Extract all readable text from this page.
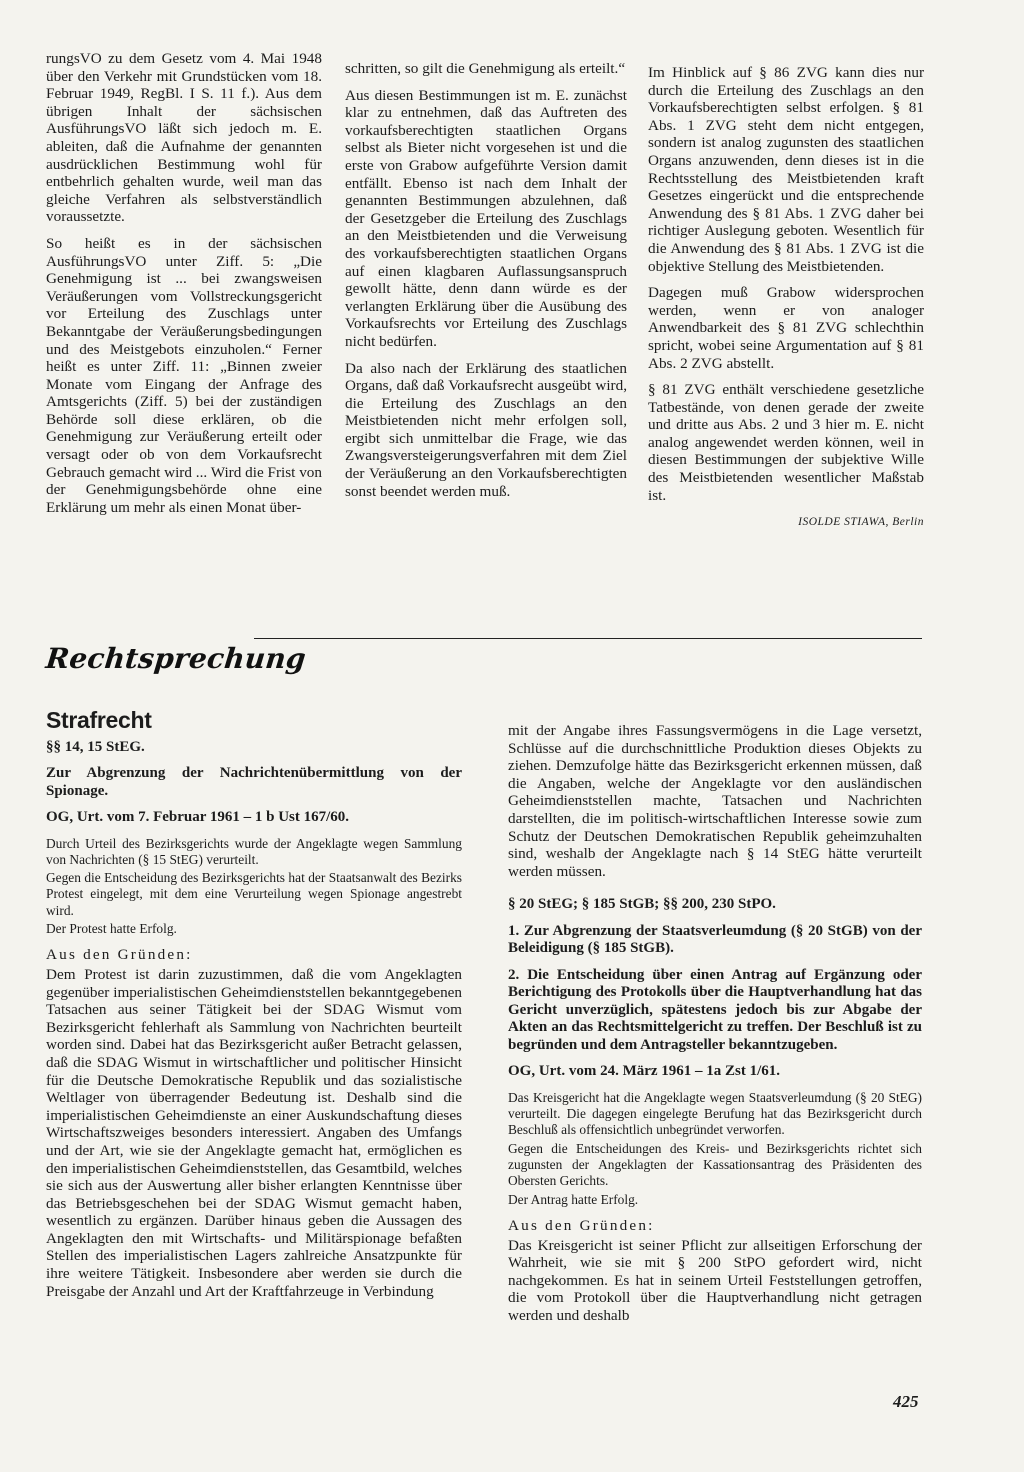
rungsVO zu dem Gesetz vom 4. Mai 1948 über den Verkehr mit Grundstücken vom 18. Februar 1949, RegBl. I S. 11 f.). Aus dem übrigen Inhalt der sächsischen AusführungsVO läßt sich jedoch m. E. ableiten, daß die Aufnahme der genannten ausdrücklichen Bestimmung wohl für entbehrlich gehalten wurde, weil man das gleiche Verfahren als selbstverständlich voraussetzte.

So heißt es in der sächsischen AusführungsVO unter Ziff. 5: „Die Genehmigung ist ... bei zwangsweisen Veräußerungen vom Vollstreckungsgericht vor Erteilung des Zuschlags unter Bekanntgabe der Veräußerungsbedingungen und des Meistgebots einzuholen.“ Ferner heißt es unter Ziff. 11: „Binnen zweier Monate vom Eingang der Anfrage des Amtsgerichts (Ziff. 5) bei der zuständigen Behörde soll diese erklären, ob die Genehmigung zur Veräußerung erteilt oder versagt oder ob von dem Vorkaufsrecht Gebrauch gemacht wird ... Wird die Frist von der Genehmigungsbehörde ohne eine Erklärung um mehr als einen Monat über-

schritten, so gilt die Genehmigung als erteilt.“

Aus diesen Bestimmungen ist m. E. zunächst klar zu entnehmen, daß das Auftreten des vorkaufsberechtigten staatlichen Organs selbst als Bieter nicht vorgesehen ist und die erste von Grabow aufgeführte Version damit entfällt. Ebenso ist nach dem Inhalt der genannten Bestimmungen abzulehnen, daß der Gesetzgeber die Erteilung des Zuschlags an den Meistbietenden und die Verweisung des vorkaufsberechtigten staatlichen Organs auf einen klagbaren Auflassungsanspruch gewollt hätte, denn dann würde es der verlangten Erklärung über die Ausübung des Vorkaufsrechts vor Erteilung des Zuschlags nicht bedürfen.

Da also nach der Erklärung des staatlichen Organs, daß daß Vorkaufsrecht ausgeübt wird, die Erteilung des Zuschlags an den Meistbietenden nicht mehr erfolgen soll, ergibt sich unmittelbar die Frage, wie das Zwangsversteigerungsverfahren mit dem Ziel der Veräußerung an den Vorkaufsberechtigten sonst beendet werden muß.

Im Hinblick auf § 86 ZVG kann dies nur durch die Erteilung des Zuschlags an den Vorkaufsberechtigten selbst erfolgen. § 81 Abs. 1 ZVG steht dem nicht entgegen, sondern ist analog zugunsten des staatlichen Organs anzuwenden, denn dieses ist in die Rechtsstellung des Meistbietenden kraft Gesetzes eingerückt und die entsprechende Anwendung des § 81 Abs. 1 ZVG daher bei richtiger Auslegung geboten. Wesentlich für die Anwendung des § 81 Abs. 1 ZVG ist die objektive Stellung des Meistbietenden.

Dagegen muß Grabow widersprochen werden, wenn er von analoger Anwendbarkeit des § 81 ZVG schlechthin spricht, wobei seine Argumentation auf § 81 Abs. 2 ZVG abstellt.

§ 81 ZVG enthält verschiedene gesetzliche Tatbestände, von denen gerade der zweite und dritte aus Abs. 2 und 3 hier m. E. nicht analog angewendet werden können, weil in diesen Bestimmungen der subjektive Wille des Meistbietenden wesentlicher Maßstab ist.

ISOLDE STIAWA, Berlin

Rechtsprechung

Strafrecht

§§ 14, 15 StEG.

Zur Abgrenzung der Nachrichtenübermittlung von der Spionage.

OG, Urt. vom 7. Februar 1961 – 1 b Ust 167/60.

Durch Urteil des Bezirksgerichts wurde der Angeklagte wegen Sammlung von Nachrichten (§ 15 StEG) verurteilt.

Gegen die Entscheidung des Bezirksgerichts hat der Staatsanwalt des Bezirks Protest eingelegt, mit dem eine Verurteilung wegen Spionage angestrebt wird.

Der Protest hatte Erfolg.

Aus den Gründen:

Dem Protest ist darin zuzustimmen, daß die vom Angeklagten gegenüber imperialistischen Geheimdienststellen bekanntgegebenen Tatsachen aus seiner Tätigkeit bei der SDAG Wismut vom Bezirksgericht fehlerhaft als Sammlung von Nachrichten beurteilt worden sind. Dabei hat das Bezirksgericht außer Betracht gelassen, daß die SDAG Wismut in wirtschaftlicher und politischer Hinsicht für die Deutsche Demokratische Republik und das sozialistische Weltlager von überragender Bedeutung ist. Deshalb sind die imperialistischen Geheimdienste an einer Auskundschaftung dieses Wirtschaftszweiges besonders interessiert. Angaben des Umfangs und der Art, wie sie der Angeklagte gemacht hat, ermöglichen es den imperialistischen Geheimdienststellen, das Gesamtbild, welches sie sich aus der Auswertung aller bisher erlangten Kenntnisse über das Betriebsgeschehen bei der SDAG Wismut gemacht haben, wesentlich zu ergänzen. Darüber hinaus geben die Aussagen des Angeklagten den mit Wirtschafts- und Militärspionage befaßten Stellen des imperialistischen Lagers zahlreiche Ansatzpunkte für ihre weitere Tätigkeit. Insbesondere aber werden sie durch die Preisgabe der Anzahl und Art der Kraftfahrzeuge in Verbindung

mit der Angabe ihres Fassungsvermögens in die Lage versetzt, Schlüsse auf die durchschnittliche Produktion dieses Objekts zu ziehen. Demzufolge hätte das Bezirksgericht erkennen müssen, daß die Angaben, welche der Angeklagte vor den ausländischen Geheimdienststellen machte, Tatsachen und Nachrichten darstellten, die im politisch-wirtschaftlichen Interesse sowie zum Schutz der Deutschen Demokratischen Republik geheimzuhalten sind, weshalb der Angeklagte nach § 14 StEG hätte verurteilt werden müssen.

§ 20 StEG; § 185 StGB; §§ 200, 230 StPO.

1. Zur Abgrenzung der Staatsverleumdung (§ 20 StGB) von der Beleidigung (§ 185 StGB).

2. Die Entscheidung über einen Antrag auf Ergänzung oder Berichtigung des Protokolls über die Hauptverhandlung hat das Gericht unverzüglich, spätestens jedoch bis zur Abgabe der Akten an das Rechtsmittelgericht zu treffen. Der Beschluß ist zu begründen und dem Antragsteller bekanntzugeben.

OG, Urt. vom 24. März 1961 – 1a Zst 1/61.

Das Kreisgericht hat die Angeklagte wegen Staatsverleumdung (§ 20 StEG) verurteilt. Die dagegen eingelegte Berufung hat das Bezirksgericht durch Beschluß als offensichtlich unbegründet verworfen.

Gegen die Entscheidungen des Kreis- und Bezirksgerichts richtet sich zugunsten der Angeklagten der Kassationsantrag des Präsidenten des Obersten Gerichts.

Der Antrag hatte Erfolg.

Aus den Gründen:

Das Kreisgericht ist seiner Pflicht zur allseitigen Erforschung der Wahrheit, wie sie mit § 200 StPO gefordert wird, nicht nachgekommen. Es hat in seinem Urteil Feststellungen getroffen, die vom Protokoll über die Hauptverhandlung nicht getragen werden und deshalb

425
